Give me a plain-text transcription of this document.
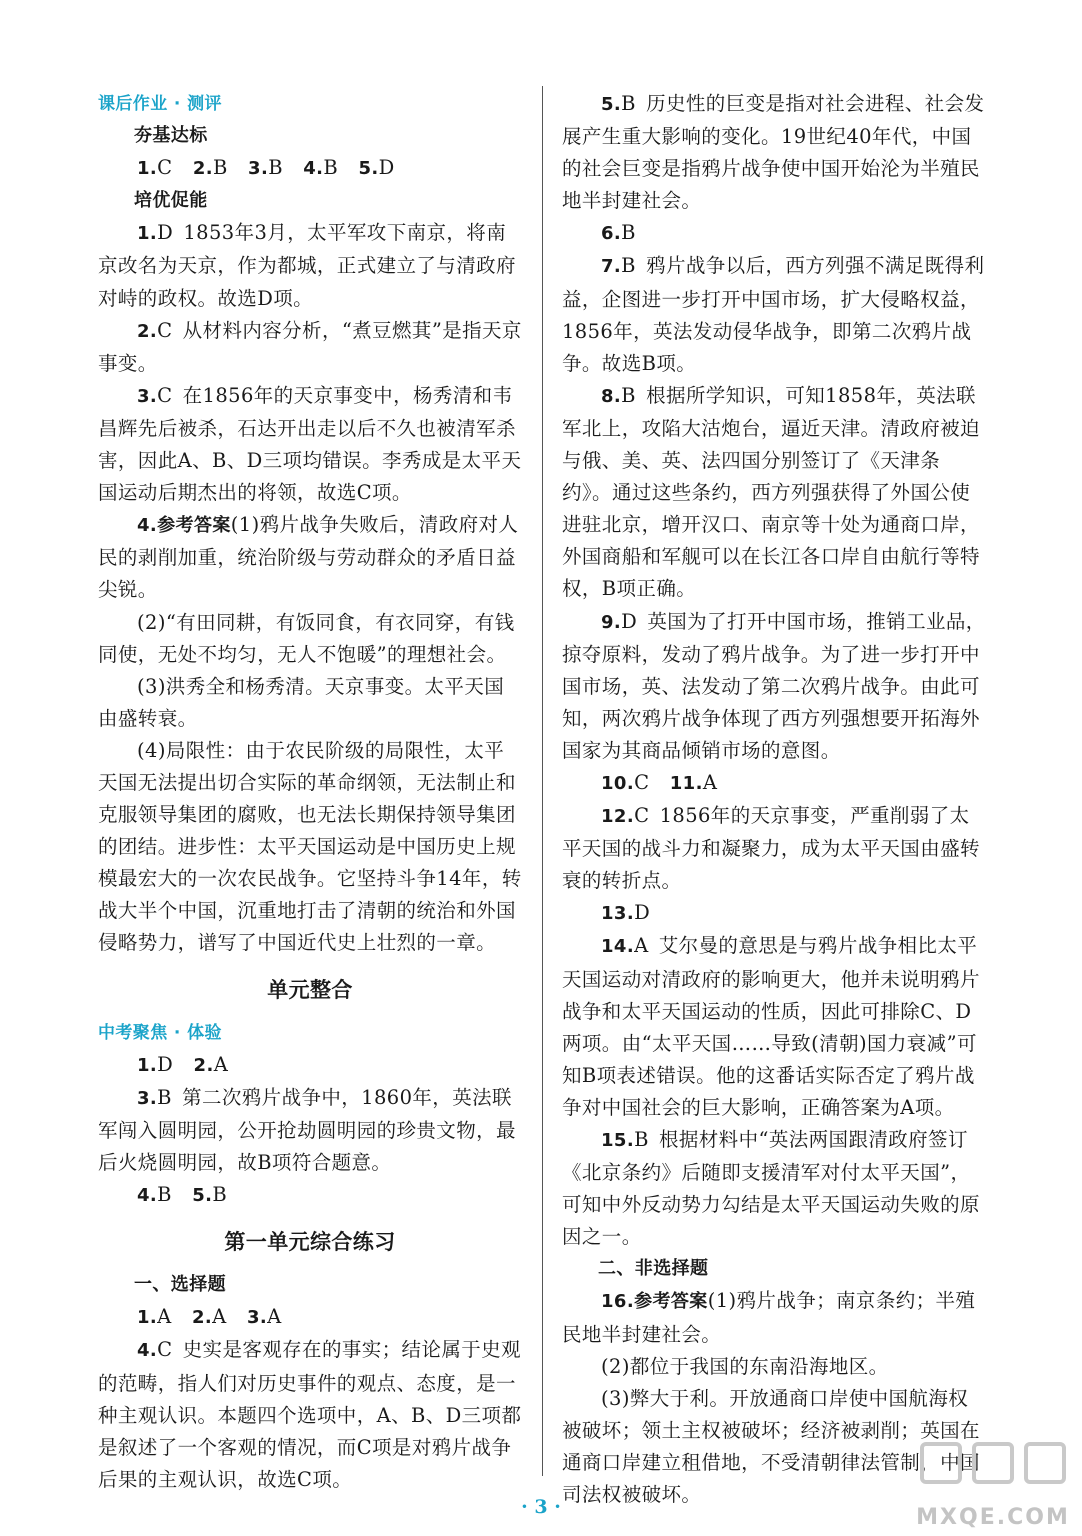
课后作业 · 测评

夯基达标

1.C   2.B   3.B   4.B   5.D

培优促能

1.D  1853年3月，太平军攻下南京，将南京改名为天京，作为都城，正式建立了与清政府对峙的政权。故选D项。

2.C  从材料内容分析，“煮豆燃萁”是指天京事变。

3.C  在1856年的天京事变中，杨秀清和韦昌辉先后被杀，石达开出走以后不久也被清军杀害，因此A、B、D三项均错误。李秀成是太平天国运动后期杰出的将领，故选C项。

4.参考答案(1)鸦片战争失败后，清政府对人民的剥削加重，统治阶级与劳动群众的矛盾日益尖锐。

(2)“有田同耕，有饭同食，有衣同穿，有钱同使，无处不均匀，无人不饱暖”的理想社会。

(3)洪秀全和杨秀清。天京事变。太平天国由盛转衰。

(4)局限性：由于农民阶级的局限性，太平天国无法提出切合实际的革命纲领，无法制止和克服领导集团的腐败，也无法长期保持领导集团的团结。进步性：太平天国运动是中国历史上规模最宏大的一次农民战争。它坚持斗争14年，转战大半个中国，沉重地打击了清朝的统治和外国侵略势力，谱写了中国近代史上壮烈的一章。

单元整合

中考聚焦 · 体验

1.D   2.A

3.B  第二次鸦片战争中，1860年，英法联军闯入圆明园，公开抢劫圆明园的珍贵文物，最后火烧圆明园，故B项符合题意。

4.B   5.B

第一单元综合练习

一、选择题

1.A   2.A   3.A

4.C  史实是客观存在的事实；结论属于史观的范畴，指人们对历史事件的观点、态度，是一种主观认识。本题四个选项中，A、B、D三项都是叙述了一个客观的情况，而C项是对鸦片战争后果的主观认识，故选C项。

5.B  历史性的巨变是指对社会进程、社会发展产生重大影响的变化。19世纪40年代，中国的社会巨变是指鸦片战争使中国开始沦为半殖民地半封建社会。

6.B

7.B  鸦片战争以后，西方列强不满足既得利益，企图进一步打开中国市场，扩大侵略权益，1856年，英法发动侵华战争，即第二次鸦片战争。故选B项。

8.B  根据所学知识，可知1858年，英法联军北上，攻陷大沽炮台，逼近天津。清政府被迫与俄、美、英、法四国分别签订了《天津条约》。通过这些条约，西方列强获得了外国公使进驻北京，增开汉口、南京等十处为通商口岸，外国商船和军舰可以在长江各口岸自由航行等特权，B项正确。

9.D  英国为了打开中国市场，推销工业品，掠夺原料，发动了鸦片战争。为了进一步打开中国市场，英、法发动了第二次鸦片战争。由此可知，两次鸦片战争体现了西方列强想要开拓海外国家为其商品倾销市场的意图。

10.C   11.A

12.C  1856年的天京事变，严重削弱了太平天国的战斗力和凝聚力，成为太平天国由盛转衰的转折点。

13.D

14.A  艾尔曼的意思是与鸦片战争相比太平天国运动对清政府的影响更大，他并未说明鸦片战争和太平天国运动的性质，因此可排除C、D两项。由“太平天国……导致(清朝)国力衰减”可知B项表述错误。他的这番话实际否定了鸦片战争对中国社会的巨大影响，正确答案为A项。

15.B  根据材料中“英法两国跟清政府签订《北京条约》后随即支援清军对付太平天国”，可知中外反动势力勾结是太平天国运动失败的原因之一。

二、非选择题

16.参考答案(1)鸦片战争；南京条约；半殖民地半封建社会。

(2)都位于我国的东南沿海地区。

(3)弊大于利。开放通商口岸使中国航海权被破坏；领土主权被破坏；经济被剥削；英国在通商口岸建立租借地，不受清朝律法管制，中国司法权被破坏。

· 3 ·	MXQE.COM
